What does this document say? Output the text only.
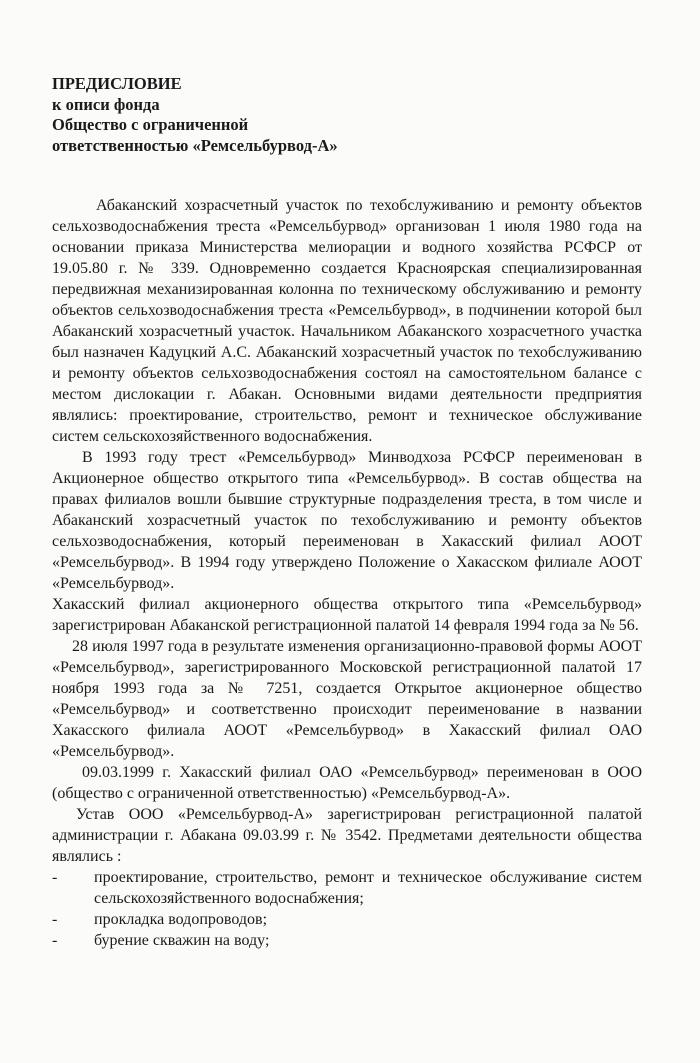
ПРЕДИСЛОВИЕ
к описи фонда
Общество с ограниченной
ответственностью «Ремсельбурвод-А»

Абаканский хозрасчетный участок по техобслуживанию и ремонту объектов сельхозводоснабжения треста «Ремсельбурвод» организован 1 июля 1980 года на основании приказа Министерства мелиорации и водного хозяйства РСФСР от 19.05.80 г. № 339. Одновременно создается Красноярская специализированная передвижная механизированная колонна по техническому обслуживанию и ремонту объектов сельхозводоснабжения треста «Ремсельбурвод», в подчинении которой был Абаканский хозрасчетный участок. Начальником Абаканского хозрасчетного участка был назначен Кадуцкий А.С. Абаканский хозрасчетный участок по техобслуживанию и ремонту объектов сельхозводоснабжения состоял на самостоятельном балансе с местом дислокации г. Абакан. Основными видами деятельности предприятия являлись: проектирование, строительство, ремонт и техническое обслуживание систем сельскохозяйственного водоснабжения.

В 1993 году трест «Ремсельбурвод» Минводхоза РСФСР переименован в Акционерное общество открытого типа «Ремсельбурвод». В состав общества на правах филиалов вошли бывшие структурные подразделения треста, в том числе и Абаканский хозрасчетный участок по техобслуживанию и ремонту объектов сельхозводоснабжения, который переименован в Хакасский филиал АООТ «Ремсельбурвод». В 1994 году утверждено Положение о Хакасском филиале АООТ «Ремсельбурвод».

Хакасский филиал акционерного общества открытого типа «Ремсельбурвод» зарегистрирован Абаканской регистрационной палатой 14 февраля 1994 года за № 56.

28 июля 1997 года в результате изменения организационно-правовой формы АООТ «Ремсельбурвод», зарегистрированного Московской регистрационной палатой 17 ноября 1993 года за № 7251, создается Открытое акционерное общество «Ремсельбурвод» и соответственно происходит переименование в названии Хакасского филиала АООТ «Ремсельбурвод» в Хакасский филиал ОАО «Ремсельбурвод».

09.03.1999 г. Хакасский филиал ОАО «Ремсельбурвод» переименован в ООО (общество с ограниченной ответственностью) «Ремсельбурвод-А».

Устав ООО «Ремсельбурвод-А» зарегистрирован регистрационной палатой администрации г. Абакана 09.03.99 г. № 3542. Предметами деятельности общества являлись :

- проектирование, строительство, ремонт и техническое обслуживание систем сельскохозяйственного водоснабжения;
- прокладка водопроводов;
- бурение скважин на воду;
